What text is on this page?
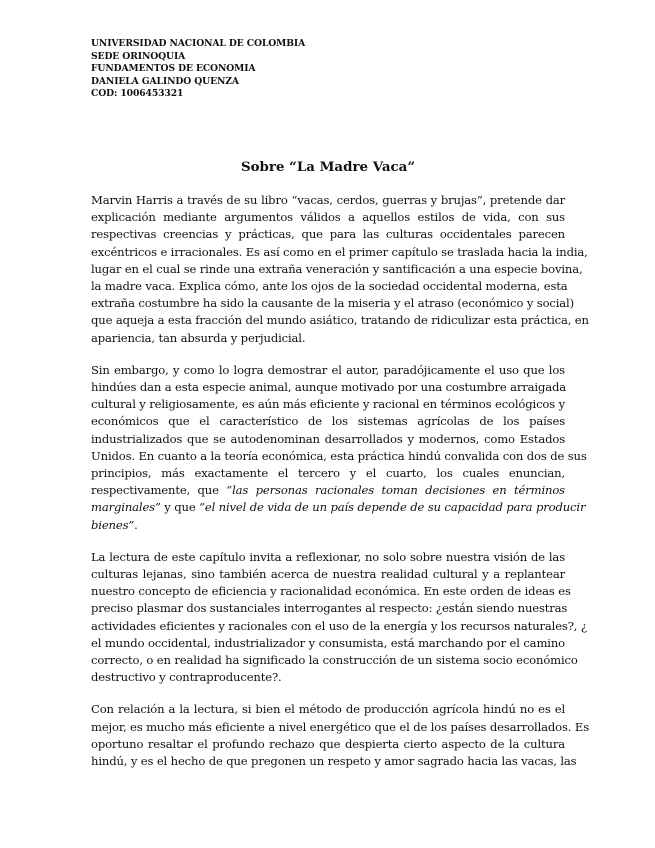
UNIVERSIDAD NACIONAL DE COLOMBIA
SEDE ORINOQUIA
FUNDAMENTOS DE ECONOMIA
DANIELA GALINDO QUENZA
COD: 1006453321
Sobre “La Madre Vaca”
Marvin Harris a través de su libro “vacas, cerdos, guerras y brujas”, pretende dar
explicación mediante argumentos válidos a aquellos estilos de vida, con sus
respectivas creencias y prácticas, que para las culturas occidentales parecen
excéntricos e irracionales. Es así como en el primer capítulo se traslada hacia la india,
lugar en el cual se rinde una extraña veneración y santificación a una especie bovina,
la madre vaca. Explica cómo, ante los ojos de la sociedad occidental moderna, esta
extraña costumbre ha sido la causante de la miseria y el atraso (económico y social)
que aqueja a esta fracción del mundo asiático, tratando de ridiculizar esta práctica, en
apariencia, tan absurda y perjudicial.
Sin embargo, y como lo logra demostrar el autor, paradójicamente el uso que los
hindúes dan a esta especie animal, aunque motivado por una costumbre arraigada
cultural y religiosamente, es aún más eficiente y racional en términos ecológicos y
económicos que el característico de los sistemas agrícolas de los países
industrializados que se autodenominan desarrollados y modernos, como Estados
Unidos. En cuanto a la teoría económica, esta práctica hindú convalida con dos de sus
principios, más exactamente el tercero y el cuarto, los cuales enuncian,
respectivamente, que “las personas racionales toman decisiones en términos
marginales” y que “el nivel de vida de un país depende de su capacidad para producir
bienes”.
La lectura de este capítulo invita a reflexionar, no solo sobre nuestra visión de las
culturas lejanas, sino también acerca de nuestra realidad cultural y a replantear
nuestro concepto de eficiencia y racionalidad económica. En este orden de ideas es
preciso plasmar dos sustanciales interrogantes al respecto: ¿están siendo nuestras
actividades eficientes y racionales con el uso de la energía y los recursos naturales?, ¿
el mundo occidental, industrializador y consumista, está marchando por el camino
correcto, o en realidad ha significado la construcción de un sistema socio económico
destructivo y contraproducente?.
Con relación a la lectura, si bien el método de producción agrícola hindú no es el
mejor, es mucho más eficiente a nivel energético que el de los países desarrollados. Es
oportuno resaltar el profundo rechazo que despierta cierto aspecto de la cultura
hindú, y es el hecho de que pregonen un respeto y amor sagrado hacia las vacas, las
